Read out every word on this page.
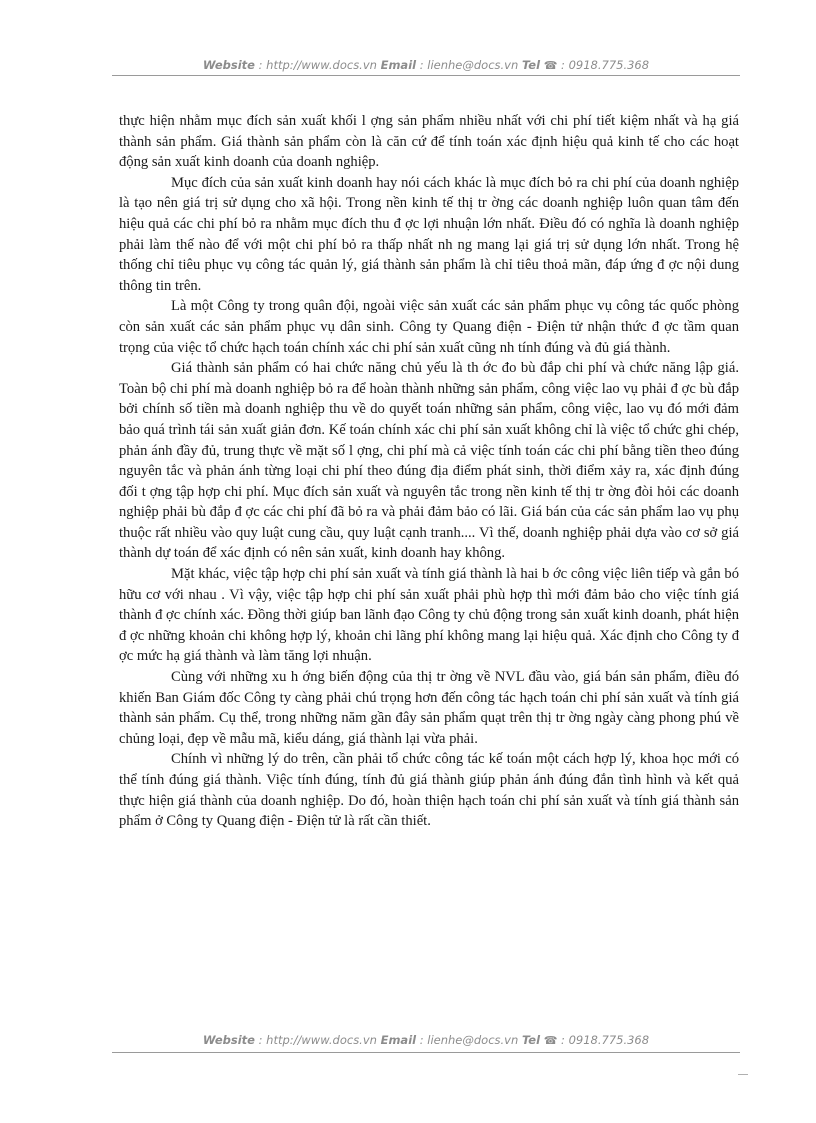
Website : http://www.docs.vn Email : lienhe@docs.vn Tel ☎ : 0918.775.368

thực hiện nhằm mục đích sản xuất khối l ợng sản phẩm nhiều nhất với chi phí tiết kiệm nhất và hạ giá thành sản phẩm. Giá thành sản phẩm còn là căn cứ để tính toán xác định hiệu quả kinh tế cho các hoạt động sản xuất kinh doanh của doanh nghiệp.

Mục đích của sản xuất kinh doanh hay nói cách khác là mục đích bỏ ra chi phí của doanh nghiệp là tạo nên giá trị sử dụng cho xã hội. Trong nền kinh tế thị tr ờng các doanh nghiệp luôn quan tâm đến hiệu quả các chi phí bỏ ra nhằm mục đích thu đ ợc lợi nhuận lớn nhất. Điều đó có nghĩa là doanh nghiệp phải làm thế nào để với một chi phí bỏ ra thấp nhất nh ng mang lại giá trị sử dụng lớn nhất. Trong hệ thống chỉ tiêu phục vụ công tác quản lý, giá thành sản phẩm là chỉ tiêu thoả mãn, đáp ứng đ ợc nội dung thông tin trên.

Là một Công ty trong quân đội, ngoài việc sản xuất các sản phẩm phục vụ công tác quốc phòng còn sản xuất các sản phẩm phục vụ dân sinh. Công ty Quang điện - Điện tử nhận thức đ ợc tầm quan trọng của việc tổ chức hạch toán chính xác chi phí sản xuất cũng nh tính đúng và đủ giá thành.

Giá thành sản phẩm có hai chức năng chủ yếu là th ớc đo bù đắp chi phí và chức năng lập giá. Toàn bộ chi phí mà doanh nghiệp bỏ ra để hoàn thành những sản phẩm, công việc lao vụ phải đ ợc bù đắp bởi chính số tiền mà doanh nghiệp thu về do quyết toán những sản phẩm, công việc, lao vụ đó mới đảm bảo quá trình tái sản xuất giản đơn. Kế toán chính xác chi phí sản xuất không chỉ là việc tổ chức ghi chép, phản ánh đầy đủ, trung thực về mặt số l ợng, chi phí mà cả việc tính toán các chi phí bằng tiền theo đúng nguyên tắc và phản ánh từng loại chi phí theo đúng địa điểm phát sinh, thời điểm xảy ra, xác định đúng đối t ợng tập hợp chi phí. Mục đích sản xuất và nguyên tắc trong nền kinh tế thị tr ờng đòi hỏi các doanh nghiệp phải bù đắp đ ợc các chi phí đã bỏ ra và phải đảm bảo có lãi. Giá bán của các sản phẩm lao vụ phụ thuộc rất nhiều vào quy luật cung cầu, quy luật cạnh tranh.... Vì thế, doanh nghiệp phải dựa vào cơ sở giá thành dự toán để xác định có nên sản xuất, kinh doanh hay không.

Mặt khác, việc tập hợp chi phí sản xuất và tính giá thành là hai b ớc công việc liên tiếp và gắn bó hữu cơ với nhau . Vì vậy, việc tập hợp chi phí sản xuất phải phù hợp thì mới đảm bảo cho việc tính giá thành đ ợc chính xác. Đồng thời giúp ban lãnh đạo Công ty chủ động trong sản xuất kinh doanh, phát hiện đ ợc những khoản chi không hợp lý, khoản chi lãng phí không mang lại hiệu quả. Xác định cho Công ty đ ợc mức hạ giá thành và làm tăng lợi nhuận.

Cùng với những xu h ớng biến động của thị tr ờng về NVL đầu vào, giá bán sản phẩm, điều đó khiến Ban Giám đốc Công ty càng phải chú trọng hơn đến công tác hạch toán chi phí sản xuất và tính giá thành sản phẩm. Cụ thể, trong những năm gần đây sản phẩm quạt trên thị tr ờng ngày càng phong phú về chủng loại, đẹp về mẫu mã, kiểu dáng, giá thành lại vừa phải.

Chính vì những lý do trên, cần phải tổ chức công tác kế toán một cách hợp lý, khoa học mới có thể tính đúng giá thành. Việc tính đúng, tính đủ giá thành giúp phản ánh đúng đắn tình hình và kết quả thực hiện giá thành của doanh nghiệp. Do đó, hoàn thiện hạch toán chi phí sản xuất và tính giá thành sản phẩm ở Công ty Quang điện - Điện tử là rất cần thiết.

Website : http://www.docs.vn Email : lienhe@docs.vn Tel ☎ : 0918.775.368
